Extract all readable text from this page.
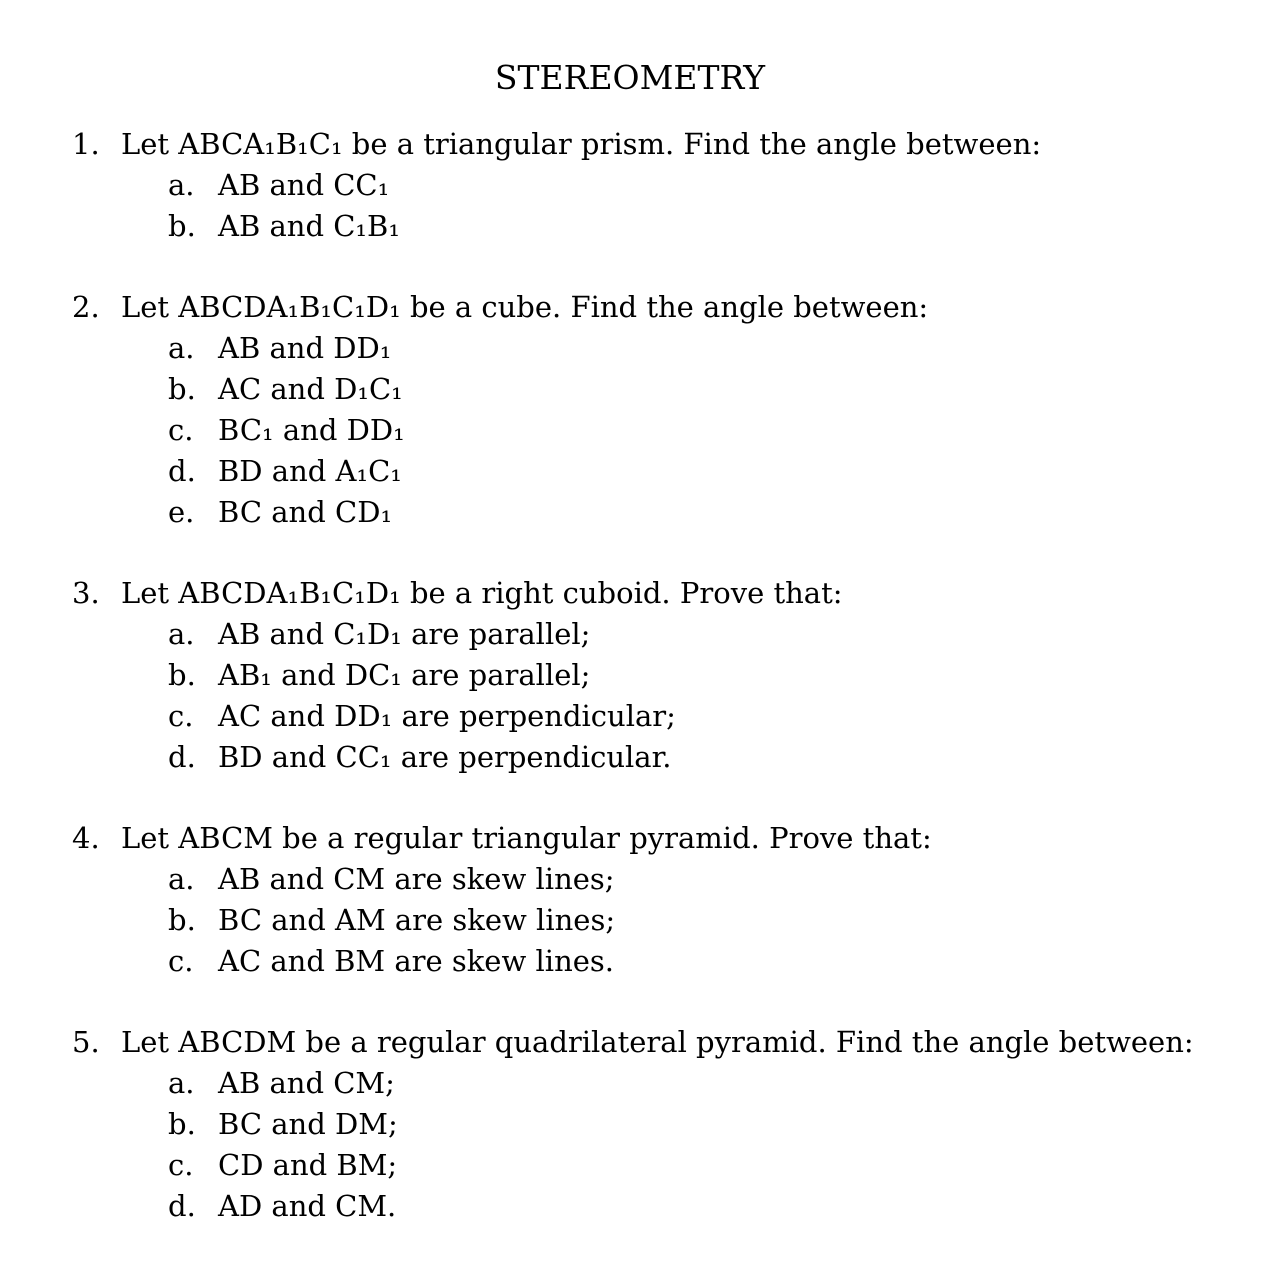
STEREOMETRY
1. Let ABCA₁B₁C₁ be a triangular prism. Find the angle between:
a. AB and CC₁
b. AB and C₁B₁
2. Let ABCDA₁B₁C₁D₁ be a cube. Find the angle between:
a. AB and DD₁
b. AC and D₁C₁
c. BC₁ and DD₁
d. BD and A₁C₁
e. BC and CD₁
3. Let ABCDA₁B₁C₁D₁ be a right cuboid. Prove that:
a. AB and C₁D₁ are parallel;
b. AB₁ and DC₁ are parallel;
c. AC and DD₁ are perpendicular;
d. BD and CC₁ are perpendicular.
4. Let ABCM be a regular triangular pyramid. Prove that:
a. AB and CM are skew lines;
b. BC and AM are skew lines;
c. AC and BM are skew lines.
5. Let ABCDM be a regular quadrilateral pyramid. Find the angle between:
a. AB and CM;
b. BC and DM;
c. CD and BM;
d. AD and CM.
